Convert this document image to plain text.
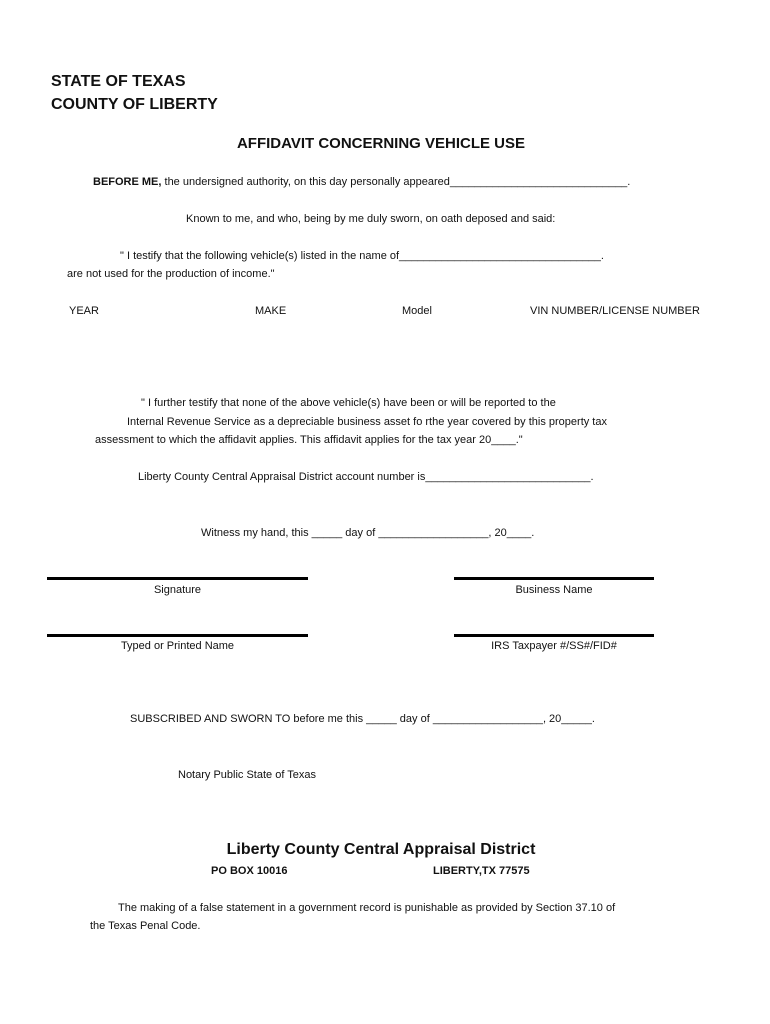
STATE OF TEXAS
COUNTY OF LIBERTY
AFFIDAVIT CONCERNING VEHICLE USE
BEFORE ME, the undersigned authority, on this day personally appeared_____________________________.
Known to me, and who, being by me duly sworn, on oath deposed and said:
" I testify that the following vehicle(s) listed in the name of_________________________________.
are not used for the production of income."
YEAR	MAKE	Model	VIN NUMBER/LICENSE NUMBER
" I further testify that none of the above vehicle(s) have been or will be reported to the
Internal Revenue Service as a depreciable business asset fo rthe year covered by this property tax
assessment to which the affidavit applies. This affidavit applies for the tax year 20____."
Liberty County Central Appraisal District account number is___________________________.
Witness my hand, this _____ day of __________________, 20____.
Signature	Business Name
Typed or Printed Name	IRS Taxpayer #/SS#/FID#
SUBSCRIBED AND SWORN TO before me this _____ day of __________________, 20_____.
Notary Public State of Texas
Liberty County Central Appraisal District
PO BOX 10016	LIBERTY,TX 77575
The making of a false statement in a government record is punishable as provided by Section 37.10 of
the Texas Penal Code.
